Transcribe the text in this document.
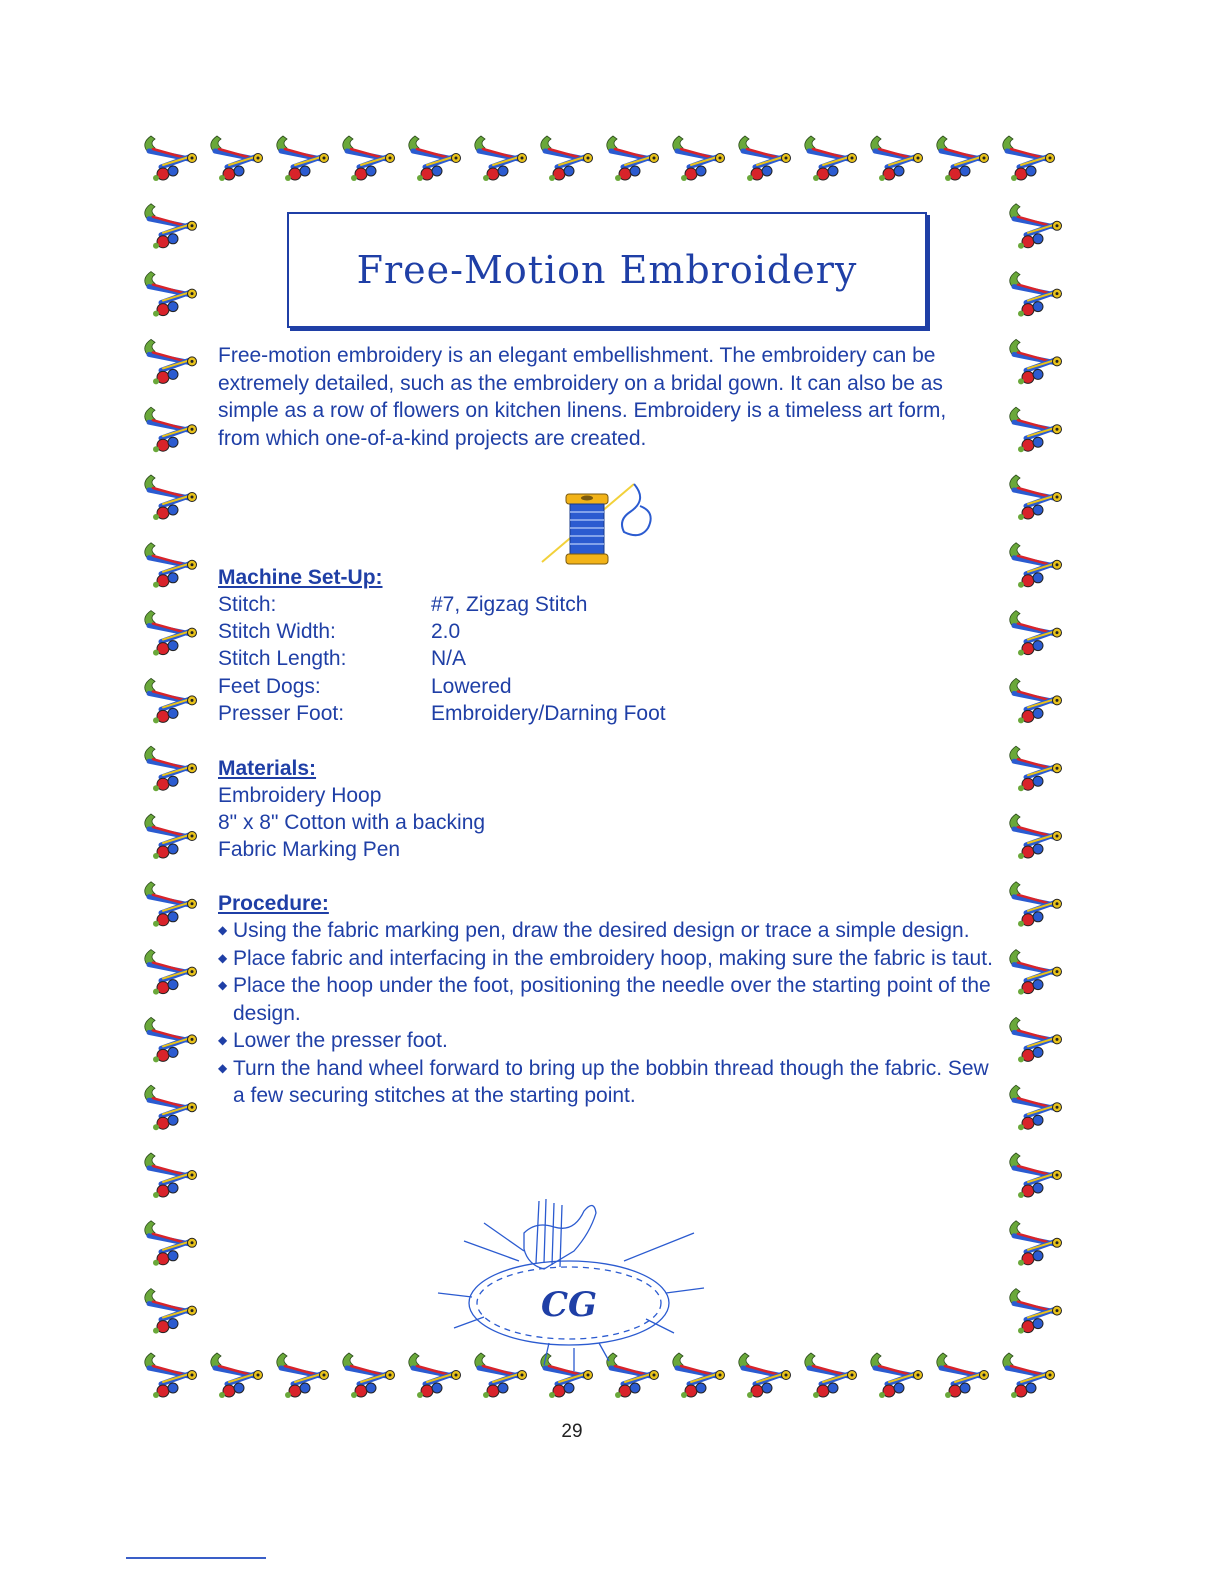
Free-Motion Embroidery

Free-motion embroidery is an elegant embellishment. The embroidery can be extremely detailed, such as the embroidery on a bridal gown. It can also be as simple as a row of flowers on kitchen linens. Embroidery is a timeless art form, from which one-of-a-kind projects are created.

Machine Set-Up:

Stitch:	#7, Zigzag Stitch
Stitch Width:	2.0
Stitch Length:	N/A
Feet Dogs:	Lowered
Presser Foot:	Embroidery/Darning Foot

Materials:

Embroidery Hoop
8" x 8" Cotton with a backing
Fabric Marking Pen

Procedure:

◆ Using the fabric marking pen, draw the desired design or trace a simple design.
◆ Place fabric and interfacing in the embroidery hoop, making sure the fabric is taut.
◆ Place the hoop under the foot, positioning the needle over the starting point of the design.
◆ Lower the presser foot.
◆ Turn the hand wheel forward to bring up the bobbin thread though the fabric. Sew a few securing stitches at the starting point.
CG
29
